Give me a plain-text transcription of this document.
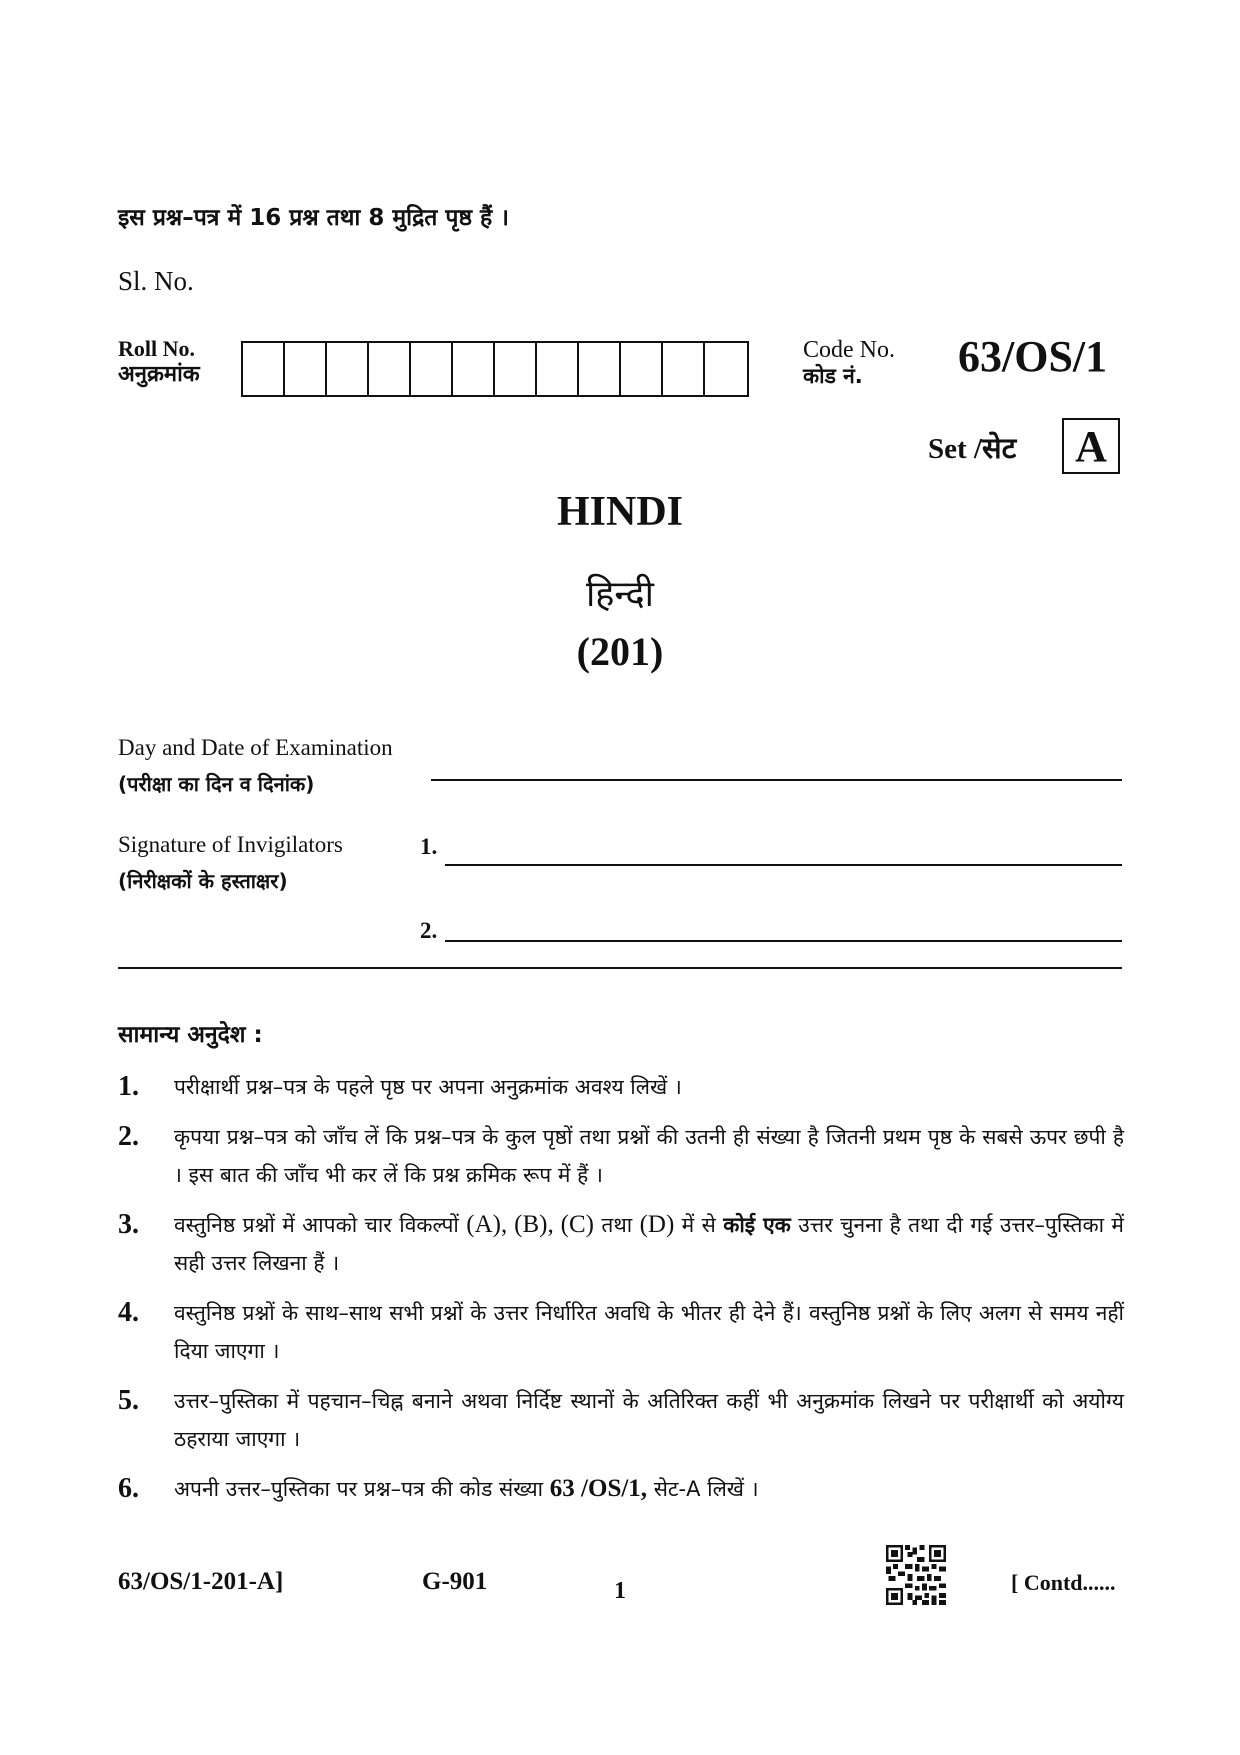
इस प्रश्न–पत्र में 16 प्रश्न तथा 8 मुद्रित पृष्ठ हैं ।
Sl. No.
Roll No.
अनुक्रमांक
Code No.
कोड नं.	63/OS/1
Set /सेट A
HINDI
हिन्दी
(201)
Day and Date of Examination
(परीक्षा का दिन व दिनांक)
Signature of Invigilators
(निरीक्षकों के हस्ताक्षर)
1.
2.
सामान्य अनुदेश :
1.	परीक्षार्थी प्रश्न–पत्र के पहले पृष्ठ पर अपना अनुक्रमांक अवश्य लिखें ।
2.	कृपया प्रश्न–पत्र को जाँच लें कि प्रश्न–पत्र के कुल पृष्ठों तथा प्रश्नों की उतनी ही संख्या है जितनी प्रथम पृष्ठ के सबसे ऊपर छपी है । इस बात की जाँच भी कर लें कि प्रश्न क्रमिक रूप में हैं ।
3.	वस्तुनिष्ठ प्रश्नों में आपको चार विकल्पों (A), (B), (C) तथा (D) में से कोई एक उत्तर चुनना है तथा दी गई उत्तर–पुस्तिका में सही उत्तर लिखना हैं ।
4.	वस्तुनिष्ठ प्रश्नों के साथ–साथ सभी प्रश्नों के उत्तर निर्धारित अवधि के भीतर ही देने हैं। वस्तुनिष्ठ प्रश्नों के लिए अलग से समय नहीं दिया जाएगा ।
5.	उत्तर–पुस्तिका में पहचान–चिह्न बनाने अथवा निर्दिष्ट स्थानों के अतिरिक्त कहीं भी अनुक्रमांक लिखने पर परीक्षार्थी को अयोग्य ठहराया जाएगा ।
6.	अपनी उत्तर–पुस्तिका पर प्रश्न–पत्र की कोड संख्या 63 /OS/1, सेट-A लिखें ।
63/OS/1-201-A]	G-901	1	[ Contd......
